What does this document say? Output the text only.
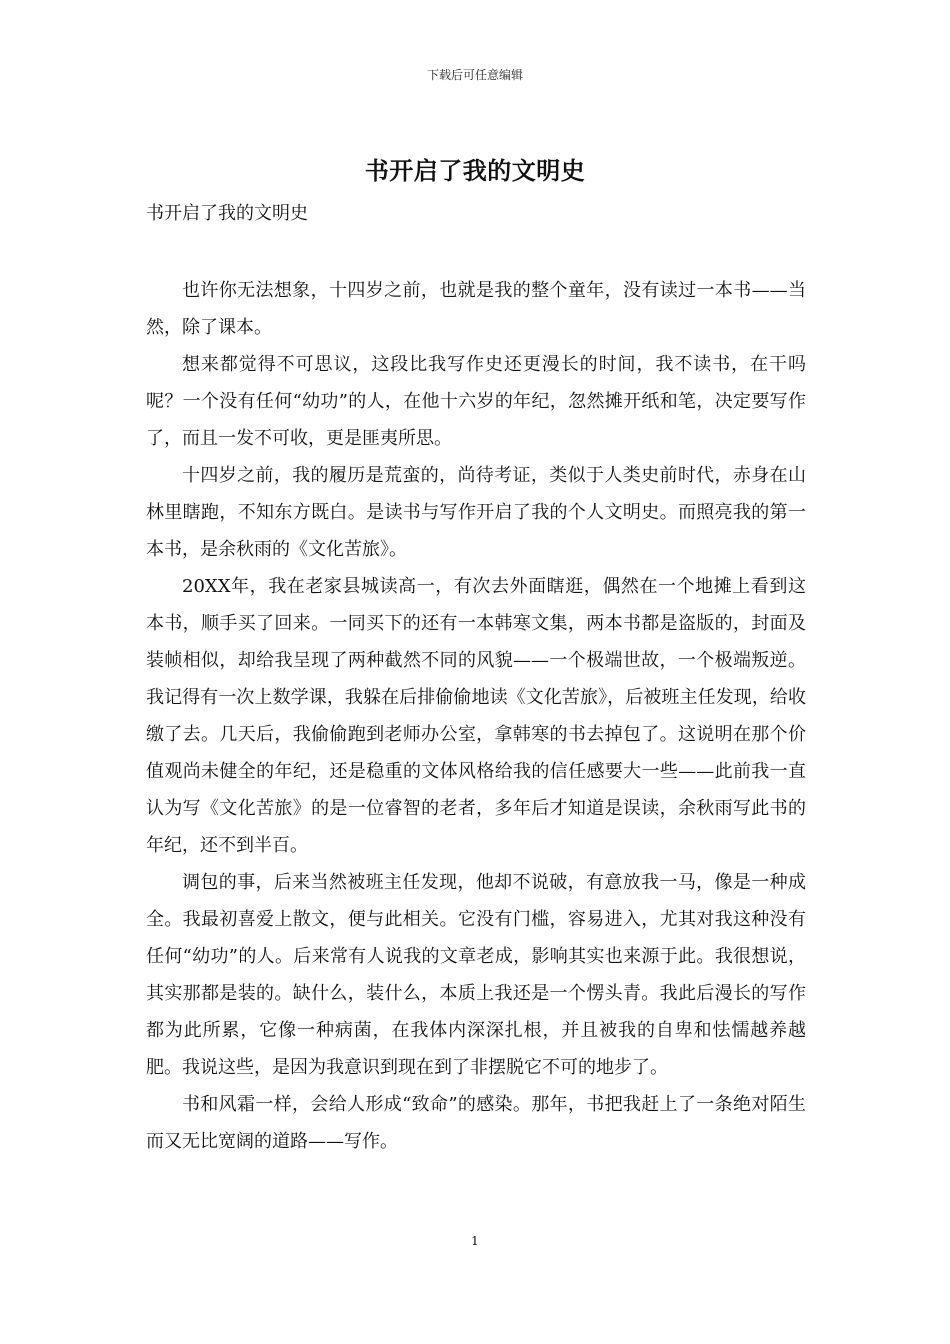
下载后可任意编辑
书开启了我的文明史
书开启了我的文明史

也许你无法想象，十四岁之前，也就是我的整个童年，没有读过一本书——当然，除了课本。

想来都觉得不可思议，这段比我写作史还更漫长的时间，我不读书，在干吗呢？一个没有任何“幼功”的人，在他十六岁的年纪，忽然摊开纸和笔，决定要写作了，而且一发不可收，更是匪夷所思。

十四岁之前，我的履历是荒蛮的，尚待考证，类似于人类史前时代，赤身在山林里瞎跑，不知东方既白。是读书与写作开启了我的个人文明史。而照亮我的第一本书，是余秋雨的《文化苦旅》。

20XX年，我在老家县城读高一，有次去外面瞎逛，偶然在一个地摊上看到这本书，顺手买了回来。一同买下的还有一本韩寒文集，两本书都是盗版的，封面及装帧相似，却给我呈现了两种截然不同的风貌——一个极端世故，一个极端叛逆。我记得有一次上数学课，我躲在后排偷偷地读《文化苦旅》，后被班主任发现，给收缴了去。几天后，我偷偷跑到老师办公室，拿韩寒的书去掉包了。这说明在那个价值观尚未健全的年纪，还是稳重的文体风格给我的信任感要大一些——此前我一直认为写《文化苦旅》的是一位睿智的老者，多年后才知道是误读，余秋雨写此书的年纪，还不到半百。

调包的事，后来当然被班主任发现，他却不说破，有意放我一马，像是一种成全。我最初喜爱上散文，便与此相关。它没有门槛，容易进入，尤其对我这种没有任何“幼功”的人。后来常有人说我的文章老成，影响其实也来源于此。我很想说，其实那都是装的。缺什么，装什么，本质上我还是一个愣头青。我此后漫长的写作都为此所累，它像一种病菌，在我体内深深扎根，并且被我的自卑和怯懦越养越肥。我说这些，是因为我意识到现在到了非摆脱它不可的地步了。

书和风霜一样，会给人形成“致命”的感染。那年，书把我赶上了一条绝对陌生而又无比宽阔的道路——写作。

1
